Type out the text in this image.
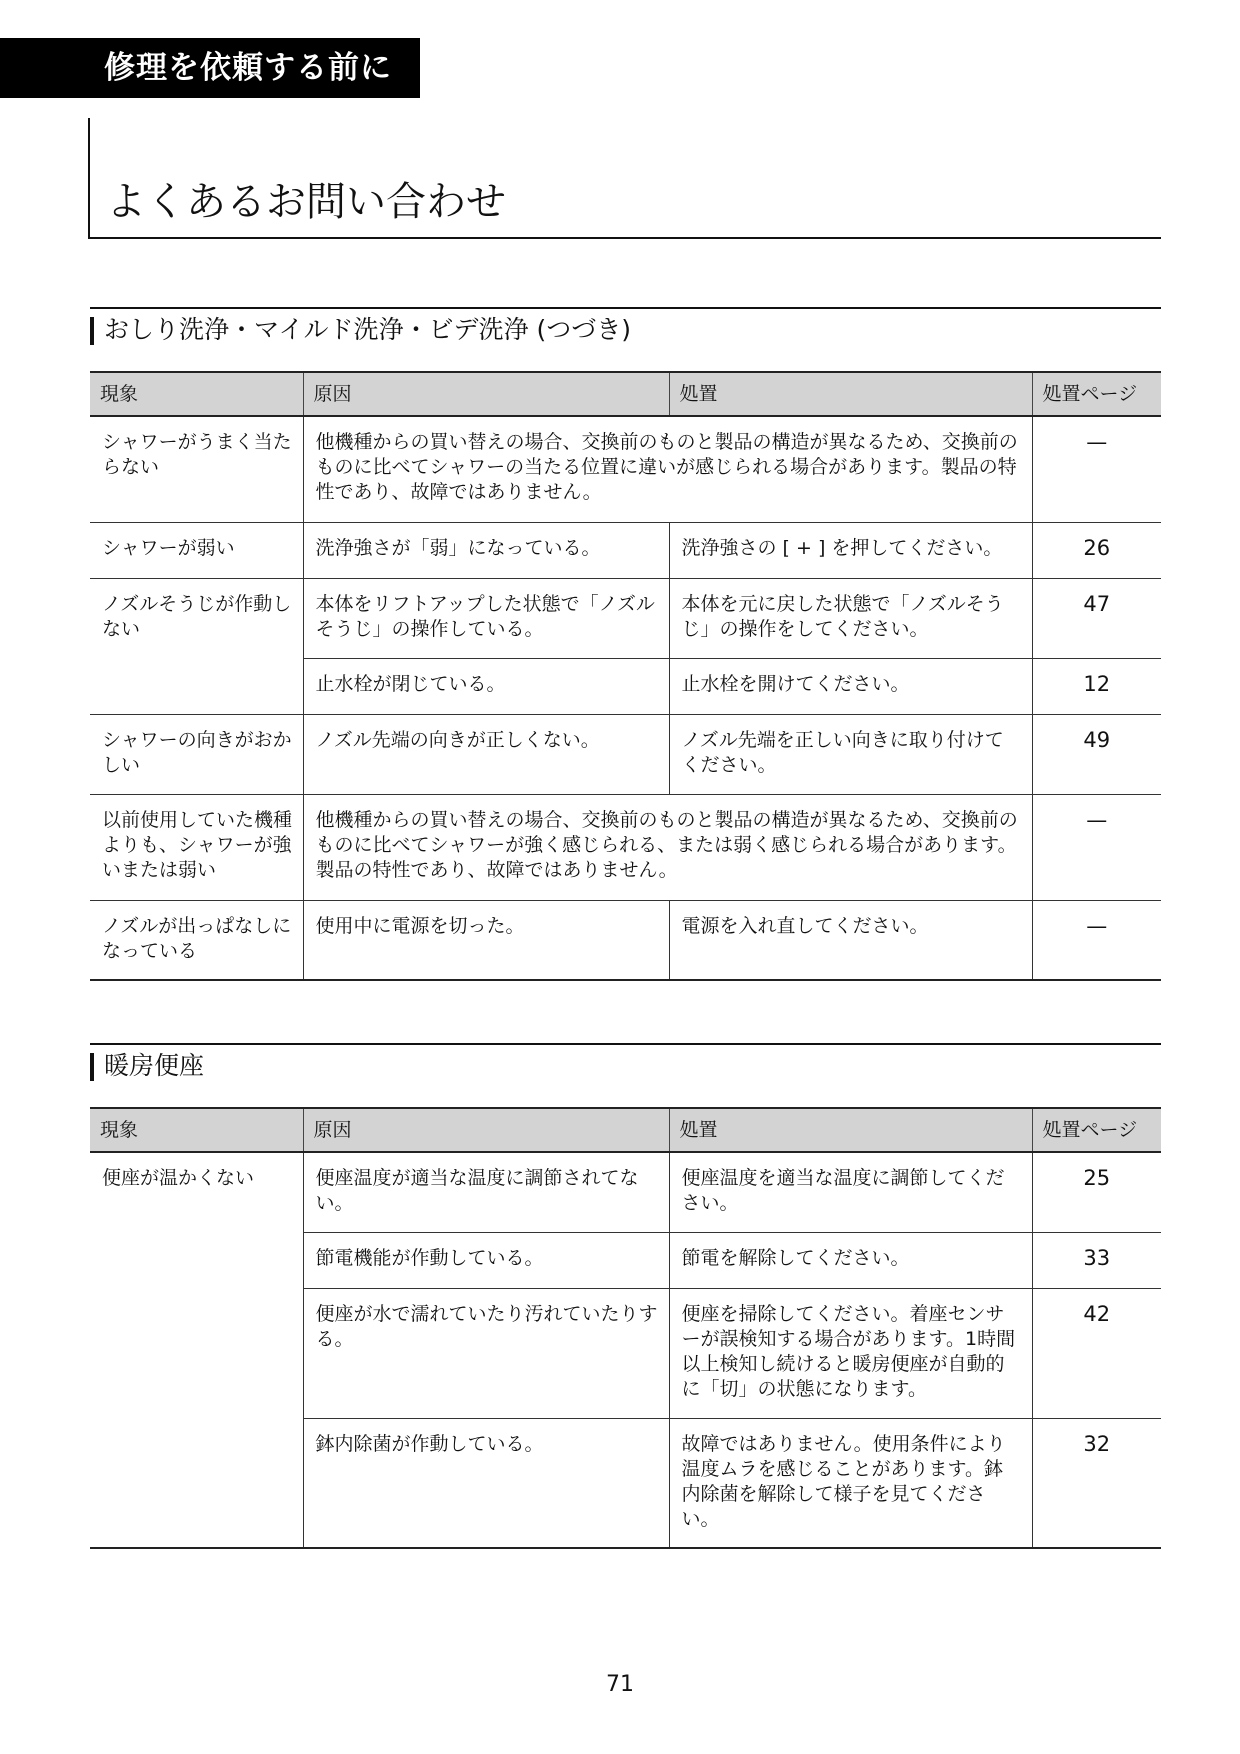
修理を依頼する前に
よくあるお問い合わせ
おしり洗浄・マイルド洗浄・ビデ洗浄 (つづき)
現象	原因	処置	処置ページ
シャワーがうまく当たらない	他機種からの買い替えの場合、交換前のものと製品の構造が異なるため、交換前のものに比べてシャワーの当たる位置に違いが感じられる場合があります。製品の特性であり、故障ではありません。		—
シャワーが弱い	洗浄強さが「弱」になっている。	洗浄強さの [ + ] を押してください。	26
ノズルそうじが作動しない	本体をリフトアップした状態で「ノズルそうじ」の操作している。	本体を元に戻した状態で「ノズルそうじ」の操作をしてください。	47
	止水栓が閉じている。	止水栓を開けてください。	12
シャワーの向きがおかしい	ノズル先端の向きが正しくない。	ノズル先端を正しい向きに取り付けてください。	49
以前使用していた機種よりも、シャワーが強いまたは弱い	他機種からの買い替えの場合、交換前のものと製品の構造が異なるため、交換前のものに比べてシャワーが強く感じられる、または弱く感じられる場合があります。製品の特性であり、故障ではありません。		—
ノズルが出っぱなしになっている	使用中に電源を切った。	電源を入れ直してください。	—
暖房便座
現象	原因	処置	処置ページ
便座が温かくない	便座温度が適当な温度に調節されてない。	便座温度を適当な温度に調節してください。	25
	節電機能が作動している。	節電を解除してください。	33
	便座が水で濡れていたり汚れていたりする。	便座を掃除してください。着座センサーが誤検知する場合があります。1時間以上検知し続けると暖房便座が自動的に「切」の状態になります。	42
	鉢内除菌が作動している。	故障ではありません。使用条件により温度ムラを感じることがあります。鉢内除菌を解除して様子を見てください。	32
71
